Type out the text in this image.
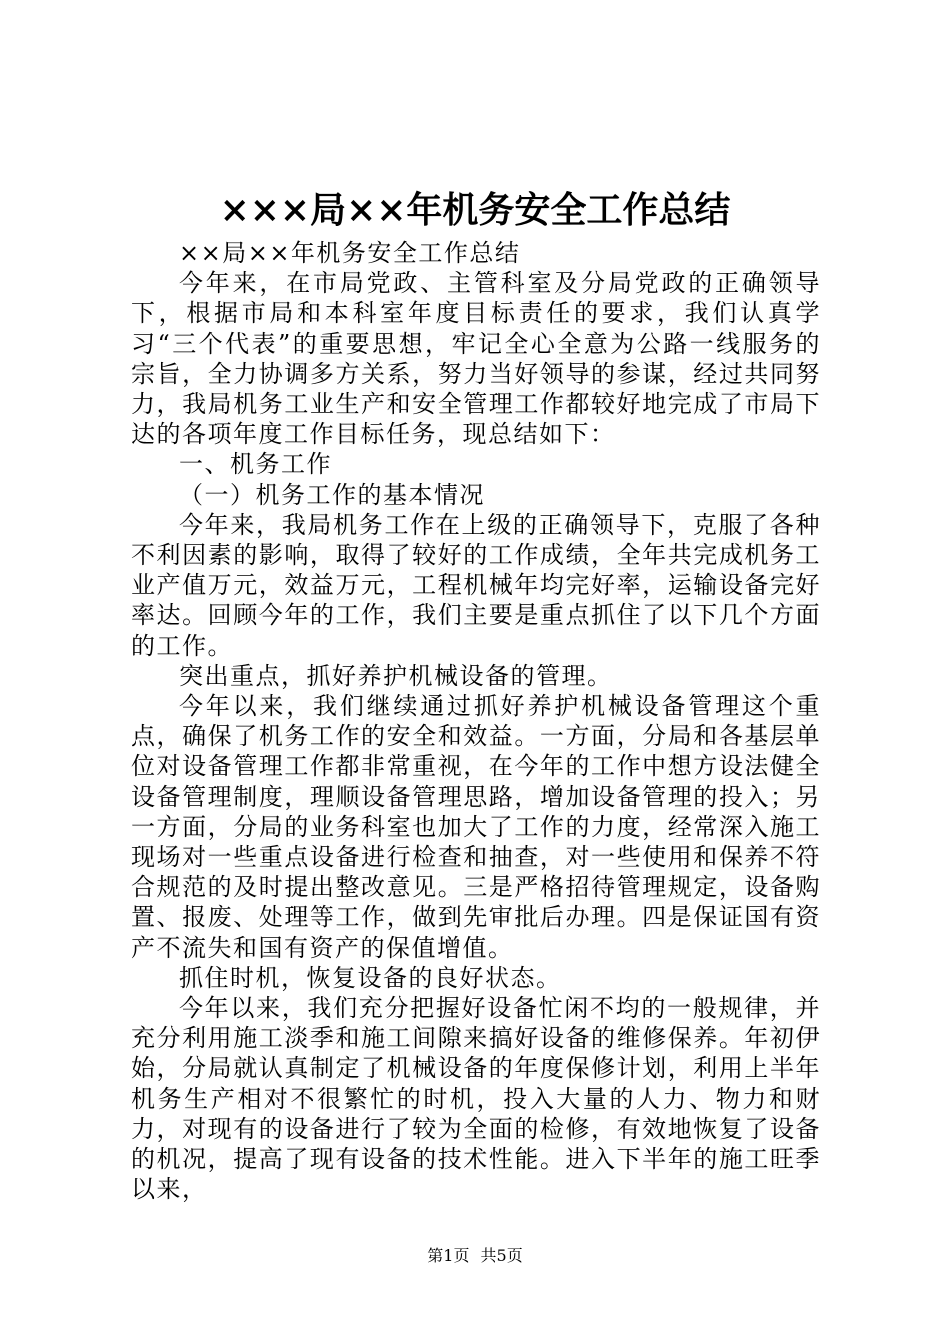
×××局××年机务安全工作总结

××局××年机务安全工作总结

今年来，在市局党政、主管科室及分局党政的正确领导下，根据市局和本科室年度目标责任的要求，我们认真学习“三个代表”的重要思想，牢记全心全意为公路一线服务的宗旨，全力协调多方关系，努力当好领导的参谋，经过共同努力，我局机务工业生产和安全管理工作都较好地完成了市局下达的各项年度工作目标任务，现总结如下：

一、机务工作

（一）机务工作的基本情况

今年来，我局机务工作在上级的正确领导下，克服了各种不利因素的影响，取得了较好的工作成绩，全年共完成机务工业产值万元，效益万元，工程机械年均完好率，运输设备完好率达。回顾今年的工作，我们主要是重点抓住了以下几个方面的工作。

突出重点，抓好养护机械设备的管理。

今年以来，我们继续通过抓好养护机械设备管理这个重点，确保了机务工作的安全和效益。一方面，分局和各基层单位对设备管理工作都非常重视，在今年的工作中想方设法健全设备管理制度，理顺设备管理思路，增加设备管理的投入；另一方面，分局的业务科室也加大了工作的力度，经常深入施工现场对一些重点设备进行检查和抽查，对一些使用和保养不符合规范的及时提出整改意见。三是严格招待管理规定，设备购置、报废、处理等工作，做到先审批后办理。四是保证国有资产不流失和国有资产的保值增值。

抓住时机，恢复设备的良好状态。

今年以来，我们充分把握好设备忙闲不均的一般规律，并充分利用施工淡季和施工间隙来搞好设备的维修保养。年初伊始，分局就认真制定了机械设备的年度保修计划，利用上半年机务生产相对不很繁忙的时机，投入大量的人力、物力和财力，对现有的设备进行了较为全面的检修，有效地恢复了设备的机况，提高了现有设备的技术性能。进入下半年的施工旺季以来，

第1页 共5页
